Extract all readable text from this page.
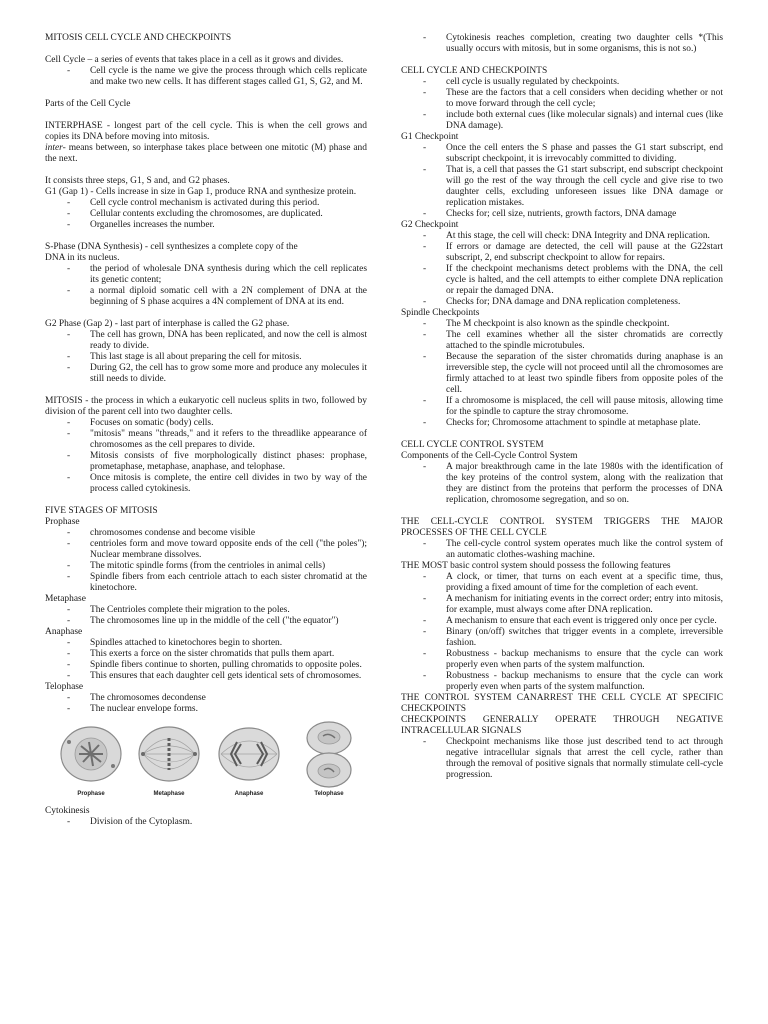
MITOSIS CELL CYCLE AND CHECKPOINTS

Cell Cycle – a series of events that takes place in a cell as it grows and divides.

- Cell cycle is the name we give the process through which cells replicate and make two new cells. It has different stages called G1, S, G2, and M.

Parts of the Cell Cycle

INTERPHASE - longest part of the cell cycle. This is when the cell grows and copies its DNA before moving into mitosis.

inter- means between, so interphase takes place between one mitotic (M) phase and the next.

It consists three steps, G1, S and, and G2 phases.

G1 (Gap 1) - Cells increase in size in Gap 1, produce RNA and synthesize protein.

- Cell cycle control mechanism is activated during this period.
- Cellular contents excluding the chromosomes, are duplicated.
- Organelles increases the number.

S-Phase (DNA Synthesis) - cell synthesizes a complete copy of the
DNA in its nucleus.

- the period of wholesale DNA synthesis during which the cell replicates its genetic content;
- a normal diploid somatic cell with a 2N complement of DNA at the beginning of S phase acquires a 4N complement of DNA at its end.

G2 Phase (Gap 2) - last part of interphase is called the G2 phase.

- The cell has grown, DNA has been replicated, and now the cell is almost ready to divide.
- This last stage is all about preparing the cell for mitosis.
- During G2, the cell has to grow some more and produce any molecules it still needs to divide.

MITOSIS - the process in which a eukaryotic cell nucleus splits in two, followed by division of the parent cell into two daughter cells.

- Focuses on somatic (body) cells.
- "mitosis" means "threads," and it refers to the threadlike appearance of chromosomes as the cell prepares to divide.
- Mitosis consists of five morphologically distinct phases: prophase, prometaphase, metaphase, anaphase, and telophase.
- Once mitosis is complete, the entire cell divides in two by way of the process called cytokinesis.

FIVE STAGES OF MITOSIS

Prophase

- chromosomes condense and become visible
- centrioles form and move toward opposite ends of the cell ("the poles"); Nuclear membrane dissolves.
- The mitotic spindle forms (from the centrioles in animal cells)
- Spindle fibers from each centriole attach to each sister chromatid at the kinetochore.

Metaphase

- The Centrioles complete their migration to the poles.
- The chromosomes line up in the middle of the cell ("the equator")

Anaphase

- Spindles attached to kinetochores begin to shorten.
- This exerts a force on the sister chromatids that pulls them apart.
- Spindle fibers continue to shorten, pulling chromatids to opposite poles.
- This ensures that each daughter cell gets identical sets of chromosomes.

Telophase

- The chromosomes decondense
- The nuclear envelope forms.
Prophase	Metaphase	Anaphase	Telophase

Cytokinesis

- Division of the Cytoplasm.
- Cytokinesis reaches completion, creating two daughter cells *(This usually occurs with mitosis, but in some organisms, this is not so.)

CELL CYCLE AND CHECKPOINTS

- cell cycle is usually regulated by checkpoints.
- These are the factors that a cell considers when deciding whether or not to move forward through the cell cycle;
- include both external cues (like molecular signals) and internal cues (like DNA damage).

G1 Checkpoint

- Once the cell enters the S phase and passes the G1 start subscript, end subscript checkpoint, it is irrevocably committed to dividing.
- That is, a cell that passes the G1 start subscript, end subscript checkpoint will go the rest of the way through the cell cycle and give rise to two daughter cells, excluding unforeseen issues like DNA damage or replication mistakes.
- Checks for; cell size, nutrients, growth factors, DNA damage

G2 Checkpoint

- At this stage, the cell will check: DNA Integrity and DNA replication.
- If errors or damage are detected, the cell will pause at the G22start subscript, 2, end subscript checkpoint to allow for repairs.
- If the checkpoint mechanisms detect problems with the DNA, the cell cycle is halted, and the cell attempts to either complete DNA replication or repair the damaged DNA.
- Checks for; DNA damage and DNA replication completeness.

Spindle Checkpoints

- The M checkpoint is also known as the spindle checkpoint.
- The cell examines whether all the sister chromatids are correctly attached to the spindle microtubules.
- Because the separation of the sister chromatids during anaphase is an irreversible step, the cycle will not proceed until all the chromosomes are firmly attached to at least two spindle fibers from opposite poles of the cell.
- If a chromosome is misplaced, the cell will pause mitosis, allowing time for the spindle to capture the stray chromosome.
- Checks for; Chromosome attachment to spindle at metaphase plate.

CELL CYCLE CONTROL SYSTEM

Components of the Cell-Cycle Control System

- A major breakthrough came in the late 1980s with the identification of the key proteins of the control system, along with the realization that they are distinct from the proteins that perform the processes of DNA replication, chromosome segregation, and so on.

THE CELL-CYCLE CONTROL SYSTEM TRIGGERS THE MAJOR PROCESSES OF THE CELL CYCLE

- The cell-cycle control system operates much like the control system of an automatic clothes-washing machine.

THE MOST basic control system should possess the following features

- A clock, or timer, that turns on each event at a specific time, thus, providing a fixed amount of time for the completion of each event.
- A mechanism for initiating events in the correct order; entry into mitosis, for example, must always come after DNA replication.
- A mechanism to ensure that each event is triggered only once per cycle.
- Binary (on/off) switches that trigger events in a complete, irreversible fashion.
- Robustness - backup mechanisms to ensure that the cycle can work properly even when parts of the system malfunction.
- Robustness - backup mechanisms to ensure that the cycle can work properly even when parts of the system malfunction.

THE CONTROL SYSTEM CANARREST THE CELL CYCLE AT SPECIFIC CHECKPOINTS

CHECKPOINTS GENERALLY OPERATE THROUGH NEGATIVE INTRACELLULAR SIGNALS

- Checkpoint mechanisms like those just described tend to act through negative intracellular signals that arrest the cell cycle, rather than through the removal of positive signals that normally stimulate cell-cycle progression.
